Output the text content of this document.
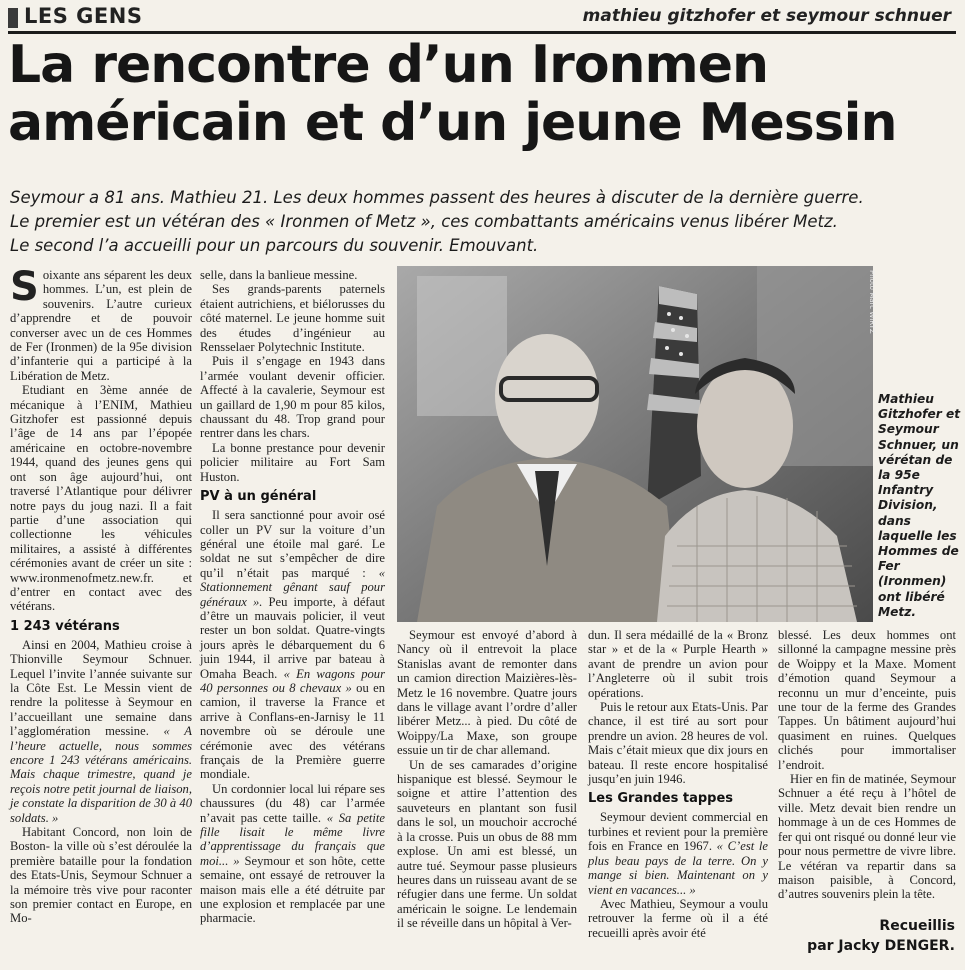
LES GENS	mathieu gitzhofer et seymour schnuer
La rencontre d’un Ironmen
américain et d’un jeune Messin
Seymour a 81 ans. Mathieu 21. Les deux hommes passent des heures à discuter de la dernière guerre.
Le premier est un vétéran des « Ironmen of Metz », ces combattants américains venus libérer Metz.
Le second l’a accueilli pour un parcours du souvenir. Emouvant.

Soixante ans séparent les deux hommes. L’un, est plein de souvenirs. L’autre curieux d’apprendre et de pouvoir converser avec un de ces Hommes de Fer (Ironmen) de la 95e division d’infanterie qui a participé à la Libération de Metz.

Etudiant en 3ème année de mécanique à l’ENIM, Mathieu Gitzhofer est passionné depuis l’âge de 14 ans par l’épopée américaine en octobre-novembre 1944, quand des jeunes gens qui ont son âge aujourd’hui, ont traversé l’Atlantique pour délivrer notre pays du joug nazi. Il a fait partie d’une association qui collectionne les véhicules militaires, a assisté à différentes cérémonies avant de créer un site : www.ironmenofmetz.new.fr. et d’entrer en contact avec des vétérans.

1 243 vétérans

Ainsi en 2004, Mathieu croise à Thionville Seymour Schnuer. Lequel l’invite l’année suivante sur la Côte Est. Le Messin vient de rendre la politesse à Seymour en l’accueillant une semaine dans l’agglomération messine. « A l’heure actuelle, nous sommes encore 1 243 vétérans américains. Mais chaque trimestre, quand je reçois notre petit journal de liaison, je constate la disparition de 30 à 40 soldats. »

Habitant Concord, non loin de Boston- la ville où s’est déroulée la première bataille pour la fondation des Etats-Unis, Seymour Schnuer a la mémoire très vive pour raconter son premier contact en Europe, en Mo-

selle, dans la banlieue messine.

Ses grands-parents paternels étaient autrichiens, et biélorusses du côté maternel. Le jeune homme suit des études d’ingénieur au Rensselaer Polytechnic Institute.

Puis il s’engage en 1943 dans l’armée voulant devenir officier. Affecté à la cavalerie, Seymour est un gaillard de 1,90 m pour 85 kilos, chaussant du 48. Trop grand pour rentrer dans les chars.

La bonne prestance pour devenir policier militaire au Fort Sam Huston.

PV à un général

Il sera sanctionné pour avoir osé coller un PV sur la voiture d’un général une étoile mal garé. Le soldat ne sut s’empêcher de dire qu’il n’était pas marqué : « Stationnement gênant sauf pour généraux ». Peu importe, à défaut d’être un mauvais policier, il veut rester un bon soldat. Quatre-vingts jours après le débarquement du 6 juin 1944, il arrive par bateau à Omaha Beach. « En wagons pour 40 personnes ou 8 chevaux » ou en camion, il traverse la France et arrive à Conflans-en-Jarnisy le 11 novembre où se déroule une cérémonie avec des vétérans français de la Première guerre mondiale.

Un cordonnier local lui répare ses chaussures (du 48) car l’armée n’avait pas cette taille. « Sa petite fille lisait le même livre d’apprentissage du français que moi... » Seymour et son hôte, cette semaine, ont essayé de retrouver la maison mais elle a été détruite par une explosion et remplacée par une pharmacie.

Photo Marc WIRTZ
Mathieu Gitzhofer et Seymour Schnuer, un vérétan de la 95e Infantry Division, dans laquelle les Hommes de Fer (Ironmen) ont libéré Metz.

Seymour est envoyé d’abord à Nancy où il entrevoit la place Stanislas avant de remonter dans un camion direction Maizières-lès-Metz le 16 novembre. Quatre jours dans le village avant l’ordre d’aller libérer Metz... à pied. Du côté de Woippy/La Maxe, son groupe essuie un tir de char allemand.

Un de ses camarades d’origine hispanique est blessé. Seymour le soigne et attire l’attention des sauveteurs en plantant son fusil dans le sol, un mouchoir accroché à la crosse. Puis un obus de 88 mm explose. Un ami est blessé, un autre tué. Seymour passe plusieurs heures dans un ruisseau avant de se réfugier dans une ferme. Un soldat américain le soigne. Le lendemain il se réveille dans un hôpital à Ver-

dun. Il sera médaillé de la « Bronz star » et de la « Purple Hearth » avant de prendre un avion pour l’Angleterre où il subit trois opérations.

Puis le retour aux Etats-Unis. Par chance, il est tiré au sort pour prendre un avion. 28 heures de vol. Mais c’était mieux que dix jours en bateau. Il reste encore hospitalisé jusqu’en juin 1946.

Les Grandes tappes

Seymour devient commercial en turbines et revient pour la première fois en France en 1967. « C’est le plus beau pays de la terre. On y mange si bien. Maintenant on y vient en vacances... »

Avec Mathieu, Seymour a voulu retrouver la ferme où il a été recueilli après avoir été

blessé. Les deux hommes ont sillonné la campagne messine près de Woippy et la Maxe. Moment d’émotion quand Seymour a reconnu un mur d’enceinte, puis une tour de la ferme des Grandes Tappes. Un bâtiment aujourd’hui quasiment en ruines. Quelques clichés pour immortaliser l’endroit.

Hier en fin de matinée, Seymour Schnuer a été reçu à l’hôtel de ville. Metz devait bien rendre un hommage à un de ces Hommes de fer qui ont risqué ou donné leur vie pour nous permettre de vivre libre. Le vétéran va repartir dans sa maison paisible, à Concord, d’autres souvenirs plein la tête.

Recueillis
par Jacky DENGER.
